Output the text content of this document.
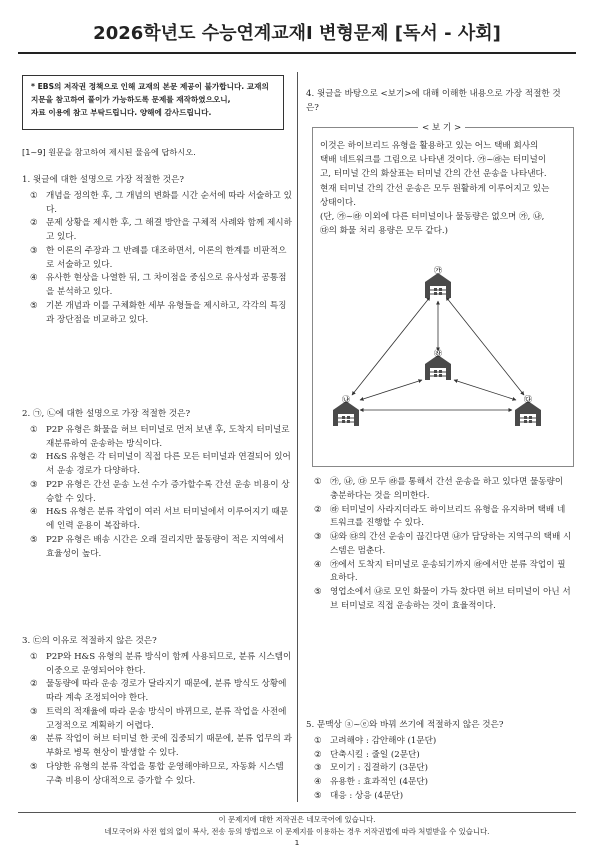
2026학년도 수능연계교재Ⅰ 변형문제 [독서 - 사회]
* EBS의 저작권 정책으로 인해 교재의 본문 제공이 불가합니다. 교재의
지문을 참고하여 풀이가 가능하도록 문제를 재작하였으오니,
자료 이용에 참고 부탁드립니다. 양해에 감사드립니다.
[1~9] 원문을 참고하여 제시된 물음에 답하시오.
1. 윗글에 대한 설명으로 가장 적절한 것은?
① 개념을 정의한 후, 그 개념의 변화를 시간 순서에 따라 서술하고 있다.
② 문제 상황을 제시한 후, 그 해결 방안을 구체적 사례와 함께 제시하고 있다.
③ 한 이론의 주장과 그 반례를 대조하면서, 이론의 한계를 비판적으로 서술하고 있다.
④ 유사한 현상을 나열한 뒤, 그 차이점을 중심으로 유사성과 공통점을 분석하고 있다.
⑤ 기본 개념과 이를 구체화한 세부 유형들을 제시하고, 각각의 특징과 장단점을 비교하고 있다.
2. ㉠, ㉡에 대한 설명으로 가장 적절한 것은?
① P2P 유형은 화물을 허브 터미널로 먼저 보낸 후, 도착지 터미널로 재분류하여 운송하는 방식이다.
② H&S 유형은 각 터미널이 직접 다른 모든 터미널과 연결되어 있어서 운송 경로가 다양하다.
③ P2P 유형은 간선 운송 노선 수가 증가할수록 간선 운송 비용이 상승할 수 있다.
④ H&S 유형은 분류 작업이 여러 서브 터미널에서 이루어지기 때문에 인력 운용이 복잡하다.
⑤ P2P 유형은 배송 시간은 오래 걸리지만 물동량이 적은 지역에서 효율성이 높다.
3. ㉢의 이유로 적절하지 않은 것은?
① P2P와 H&S 유형의 분류 방식이 함께 사용되므로, 분류 시스템이 이중으로 운영되어야 한다.
② 물동량에 따라 운송 경로가 달라지기 때문에, 분류 방식도 상황에 따라 계속 조정되어야 한다.
③ 트럭의 적재율에 따라 운송 방식이 바뀌므로, 분류 작업을 사전에 고정적으로 계획하기 어렵다.
④ 분류 작업이 허브 터미널 한 곳에 집중되기 때문에, 분류 업무의 과부화로 병목 현상이 발생할 수 있다.
⑤ 다양한 유형의 분류 작업을 통합 운영해야하므로, 자동화 시스템 구축 비용이 상대적으로 증가할 수 있다.
4. 윗글을 바탕으로 <보기>에 대해 이해한 내용으로 가장 적절한 것은?
< 보 기 >
이것은 하이브리드 유형을 활용하고 있는 어느 택배 회사의
택배 네트워크를 그림으로 나타낸 것이다. ㉮~㉱는 터미널이
고, 터미널 간의 화살표는 터미널 간의 간선 운송을 나타낸다.
현재 터미널 간의 간선 운송은 모두 원활하게 이루어지고 있는
상태이다.
(단, ㉮~㉱ 이외에 다른 터미널이나 물동량은 없으며 ㉮, ㉯,
㉰의 화물 처리 용량은 모두 같다.)
㉮
㉱
㉯	㉰
① ㉮, ㉯, ㉰ 모두 ㉱를 통해서 간선 운송을 하고 있다면 물동량이 충분하다는 것을 의미한다.
② ㉱ 터미널이 사라지더라도 하이브리드 유형을 유지하며 택배 네트워크를 진행할 수 있다.
③ ㉯와 ㉰의 간선 운송이 끊긴다면 ㉯가 담당하는 지역구의 택배 시스템은 멈춘다.
④ ㉮에서 도착지 터미널로 운송되기까지 ㉱에서만 분류 작업이 필요하다.
⑤ 영업소에서 ㉯로 모인 화물이 가득 찼다면 허브 터미널이 아닌 서브 터미널로 직접 운송하는 것이 효율적이다.
5. 문맥상 ⓐ~ⓔ와 바꿔 쓰기에 적절하지 않은 것은?
① 고려해야 : 감안해야 (1문단)
② 단축시킬 : 줄일 (2문단)
③ 모이기 : 집결하기 (3문단)
④ 유용한 : 효과적인 (4문단)
⑤ 대응 : 상응 (4문단)
이 문제지에 대한 저작권은 네모국어에 있습니다.
네모국어와 사전 협의 없이 복사, 전송 등의 방법으로 이 문제지를 이용하는 경우 저작권법에 따라 처벌받을 수 있습니다.
1
